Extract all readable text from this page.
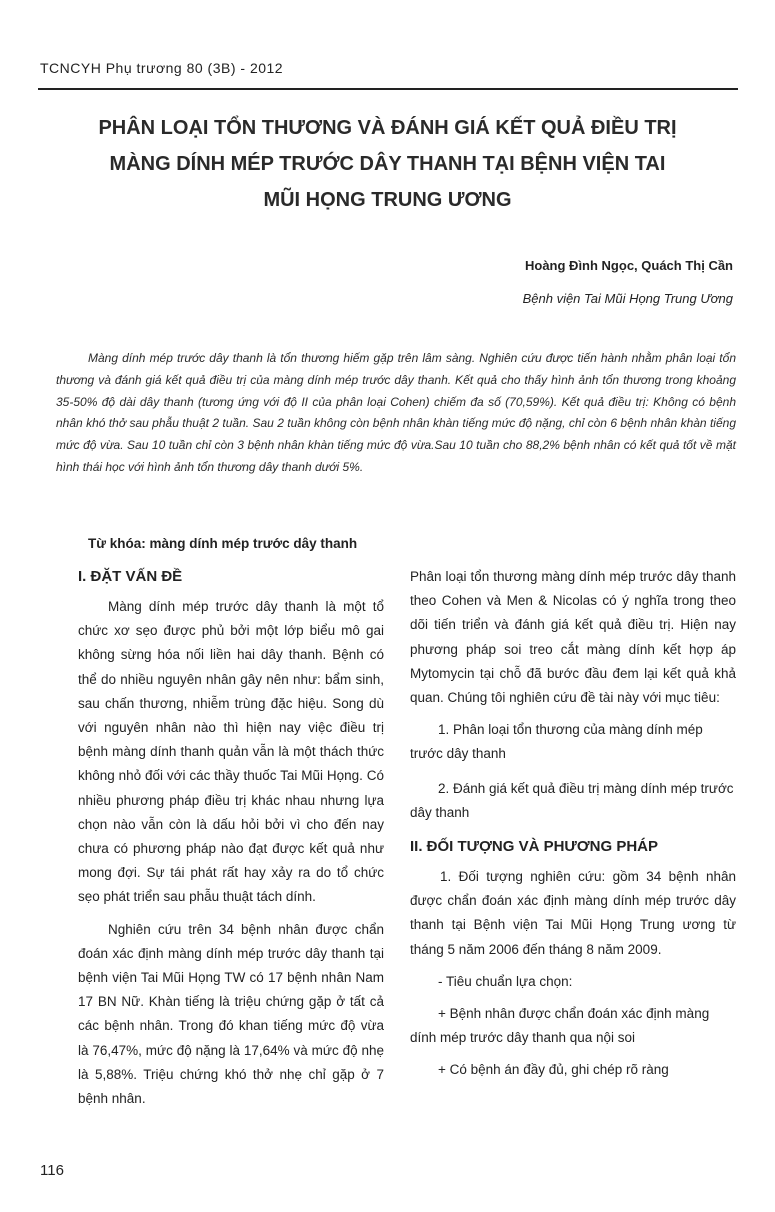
TCNCYH Phụ trương 80 (3B) - 2012
PHÂN LOẠI TỔN THƯƠNG VÀ ĐÁNH GIÁ KẾT QUẢ ĐIỀU TRỊ
MÀNG DÍNH MÉP TRƯỚC DÂY THANH TẠI BỆNH VIỆN TAI
MŨI HỌNG TRUNG ƯƠNG
Hoàng Đình Ngọc, Quách Thị Cần
Bệnh viện Tai Mũi Họng Trung Ương
Màng dính mép trước dây thanh là tổn thương hiếm gặp trên lâm sàng. Nghiên cứu được tiến hành nhằm phân loại tổn thương và đánh giá kết quả điều trị của màng dính mép trước dây thanh. Kết quả cho thấy hình ảnh tổn thương trong khoảng 35-50% độ dài dây thanh (tương ứng với độ II của phân loại Cohen) chiếm đa số (70,59%). Kết quả điều trị: Không có bệnh nhân khó thở sau phẫu thuật 2 tuần. Sau 2 tuần không còn bệnh nhân khàn tiếng mức độ nặng, chỉ còn 6 bệnh nhân khàn tiếng mức độ vừa. Sau 10 tuần chỉ còn 3 bệnh nhân khàn tiếng mức độ vừa.Sau 10 tuần cho 88,2% bệnh nhân có kết quả tốt về mặt hình thái học với hình ảnh tổn thương dây thanh dưới 5%.
Từ khóa: màng dính mép trước dây thanh
I. ĐẶT VẤN ĐỀ

Màng dính mép trước dây thanh là một tổ chức xơ sẹo được phủ bởi một lớp biểu mô gai không sừng hóa nối liền hai dây thanh. Bệnh có thể do nhiều nguyên nhân gây nên như: bẩm sinh, sau chấn thương, nhiễm trùng đặc hiệu. Song dù với nguyên nhân nào thì hiện nay việc điều trị bệnh màng dính thanh quản vẫn là một thách thức không nhỏ đối với các thầy thuốc Tai Mũi Họng. Có nhiều phương pháp điều trị khác nhau nhưng lựa chọn nào vẫn còn là dấu hỏi bởi vì cho đến nay chưa có phương pháp nào đạt được kết quả như mong đợi. Sự tái phát rất hay xảy ra do tổ chức sẹo phát triển sau phẫu thuật tách dính.

Nghiên cứu trên 34 bệnh nhân được chẩn đoán xác định màng dính mép trước dây thanh tại bệnh viện Tai Mũi Họng TW có 17 bệnh nhân Nam 17 BN Nữ. Khàn tiếng là triệu chứng gặp ở tất cả các bệnh nhân. Trong đó khan tiếng mức độ vừa là 76,47%, mức độ nặng là 17,64% và mức độ nhẹ là 5,88%. Triệu chứng khó thở nhẹ chỉ gặp ở 7 bệnh nhân.

Phân loại tổn thương màng dính mép trước dây thanh theo Cohen và Men & Nicolas có ý nghĩa trong theo dõi tiến triển và đánh giá kết quả điều trị. Hiện nay phương pháp soi treo cắt màng dính kết hợp áp Mytomycin tại chỗ đã bước đầu đem lại kết quả khả quan. Chúng tôi nghiên cứu đề tài này với mục tiêu:

1. Phân loại tổn thương của màng dính mép trước dây thanh

2. Đánh giá kết quả điều trị màng dính mép trước dây thanh

II. ĐỐI TƯỢNG VÀ PHƯƠNG PHÁP

1. Đối tượng nghiên cứu: gồm 34 bệnh nhân được chẩn đoán xác định màng dính mép trước dây thanh tại Bệnh viện Tai Mũi Họng Trung ương từ tháng 5 năm 2006 đến tháng 8 năm 2009.

- Tiêu chuẩn lựa chọn:

+ Bệnh nhân được chẩn đoán xác định màng dính mép trước dây thanh qua nội soi

+ Có bệnh án đầy đủ, ghi chép rõ ràng

116
